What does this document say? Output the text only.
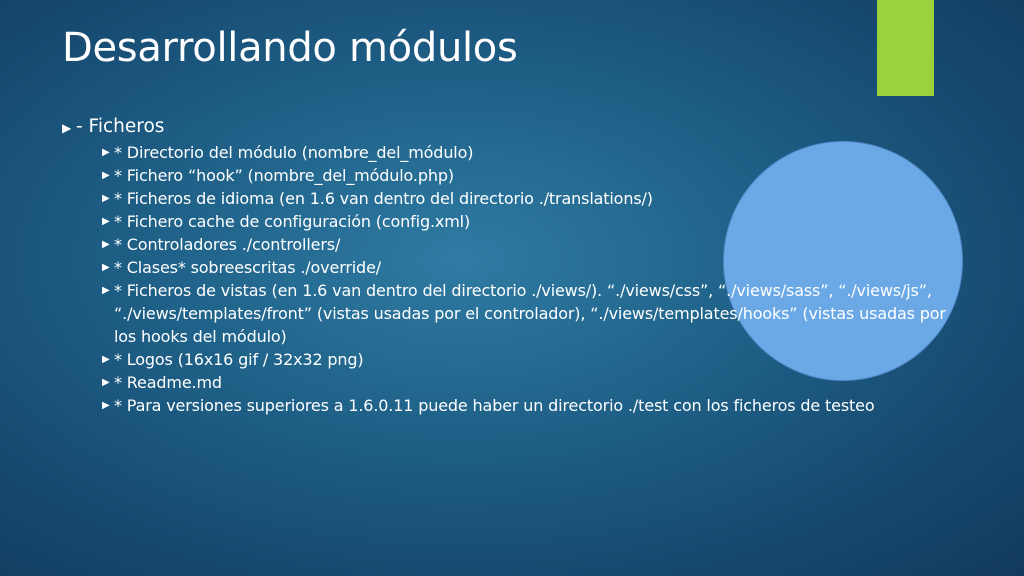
Desarrollando módulos
▶ - Ficheros
▶ * Directorio del módulo (nombre_del_módulo)
▶ * Fichero “hook” (nombre_del_módulo.php)
▶ * Ficheros de idioma (en 1.6 van dentro del directorio ./translations/)
▶ * Fichero cache de configuración (config.xml)
▶ * Controladores ./controllers/
▶ * Clases* sobreescritas ./override/
▶ * Ficheros de vistas (en 1.6 van dentro del directorio ./views/). “./views/css”, “./views/sass”, “./views/js”, “./views/templates/front” (vistas usadas por el controlador), “./views/templates/hooks” (vistas usadas por los hooks del módulo)
▶ * Logos (16x16 gif / 32x32 png)
▶ * Readme.md
▶ * Para versiones superiores a 1.6.0.11 puede haber un directorio ./test con los ficheros de testeo
